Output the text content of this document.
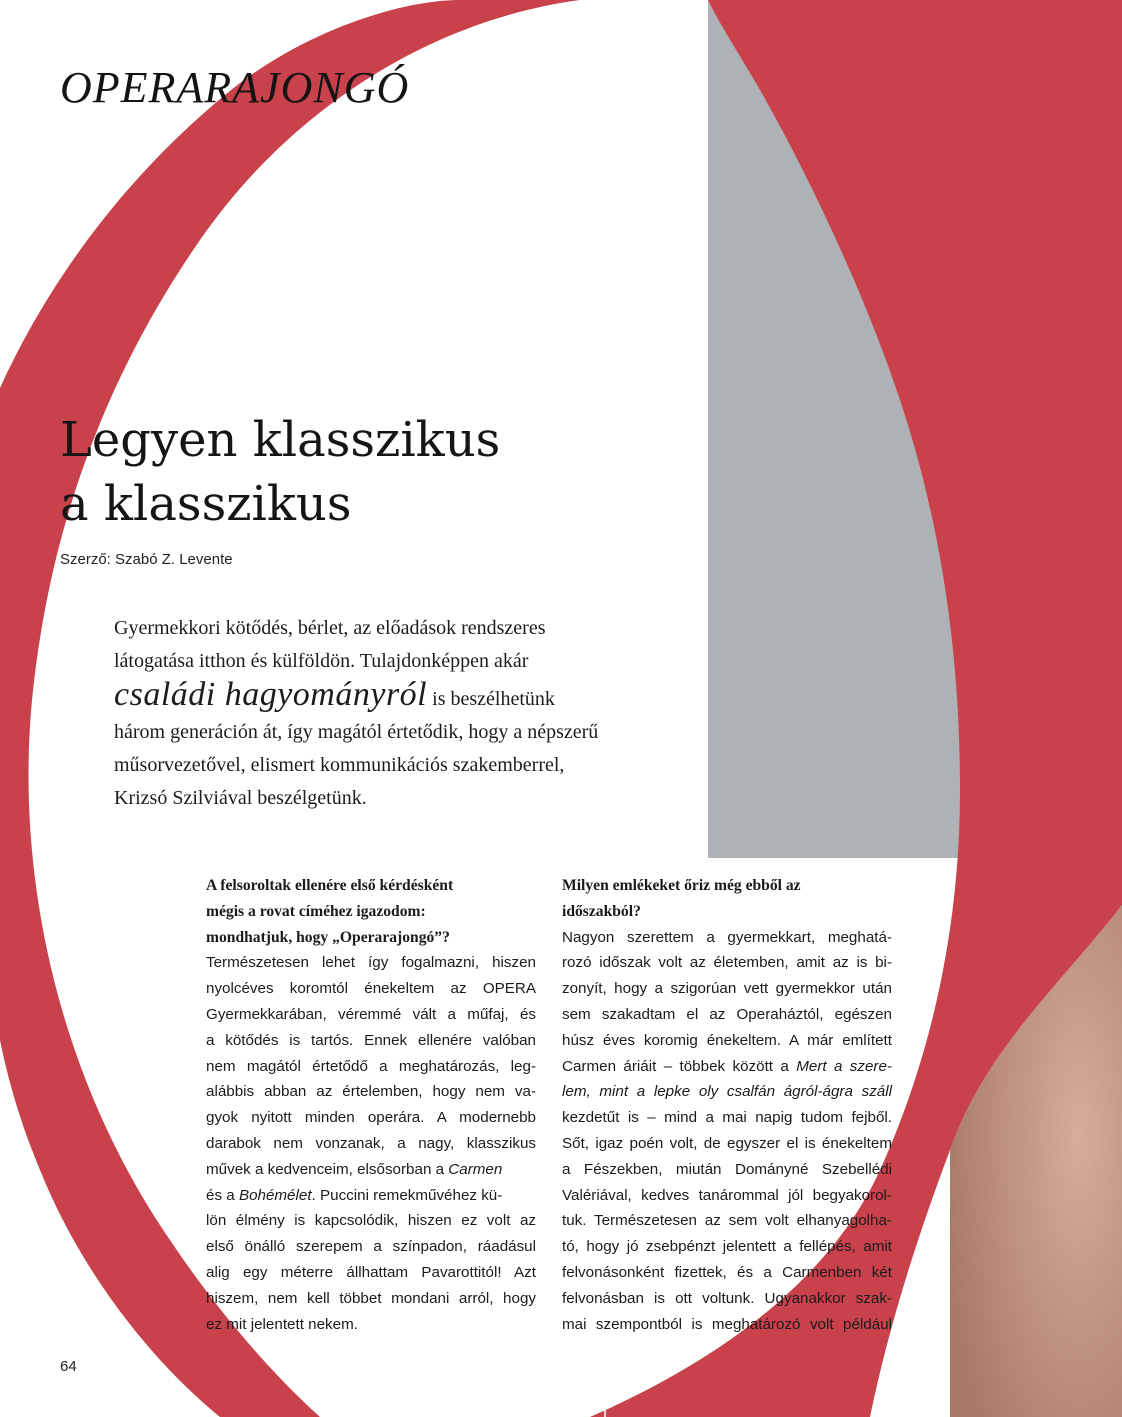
OPERARAJONGÓ
Legyen klasszikus
a klasszikus
Szerző: Szabó Z. Levente
Gyermekkori kötődés, bérlet, az előadások rendszeres
látogatása itthon és külföldön. Tulajdonképpen akár
családi hagyományról is beszélhetünk
három generáción át, így magától értetődik, hogy a népszerű
műsorvezetővel, elismert kommunikációs szakemberrel,
Krizsó Szilviával beszélgetünk.
A felsoroltak ellenére első kérdésként
mégis a rovat címéhez igazodom:
mondhatjuk, hogy „Operarajongó”?
Természetesen lehet így fogalmazni, hiszen
nyolcéves koromtól énekeltem az OPERA
Gyermekkarában, véremmé vált a műfaj, és
a kötődés is tartós. Ennek ellenére valóban
nem magától értetődő a meghatározás, leg-
alábbis abban az értelemben, hogy nem va-
gyok nyitott minden operára. A modernebb
darabok nem vonzanak, a nagy, klasszikus
művek a kedvenceim, elsősorban a Carmen
és a Bohémélet. Puccini remekművéhez kü-
lön élmény is kapcsolódik, hiszen ez volt az
első önálló szerepem a színpadon, ráadásul
alig egy méterre állhattam Pavarottitól! Azt
hiszem, nem kell többet mondani arról, hogy
ez mit jelentett nekem.
Milyen emlékeket őriz még ebből az
időszakból?
Nagyon szerettem a gyermekkart, meghatá-
rozó időszak volt az életemben, amit az is bi-
zonyít, hogy a szigorúan vett gyermekkor után
sem szakadtam el az Operaháztól, egészen
húsz éves koromig énekeltem. A már említett
Carmen áriáit – többek között a Mert a szere-
lem, mint a lepke oly csalfán ágról-ágra száll
kezdetűt is – mind a mai napig tudom fejből.
Sőt, igaz poén volt, de egyszer el is énekeltem
a Fészekben, miután Dományné Szebellédi
Valériával, kedves tanárommal jól begyakorol-
tuk. Természetesen az sem volt elhanyagolha-
tó, hogy jó zsebpénzt jelentett a fellépés, amit
felvonásonként fizettek, és a Carmenben két
felvonásban is ott voltunk. Ugyanakkor szak-
mai szempontból is meghatározó volt például
64
